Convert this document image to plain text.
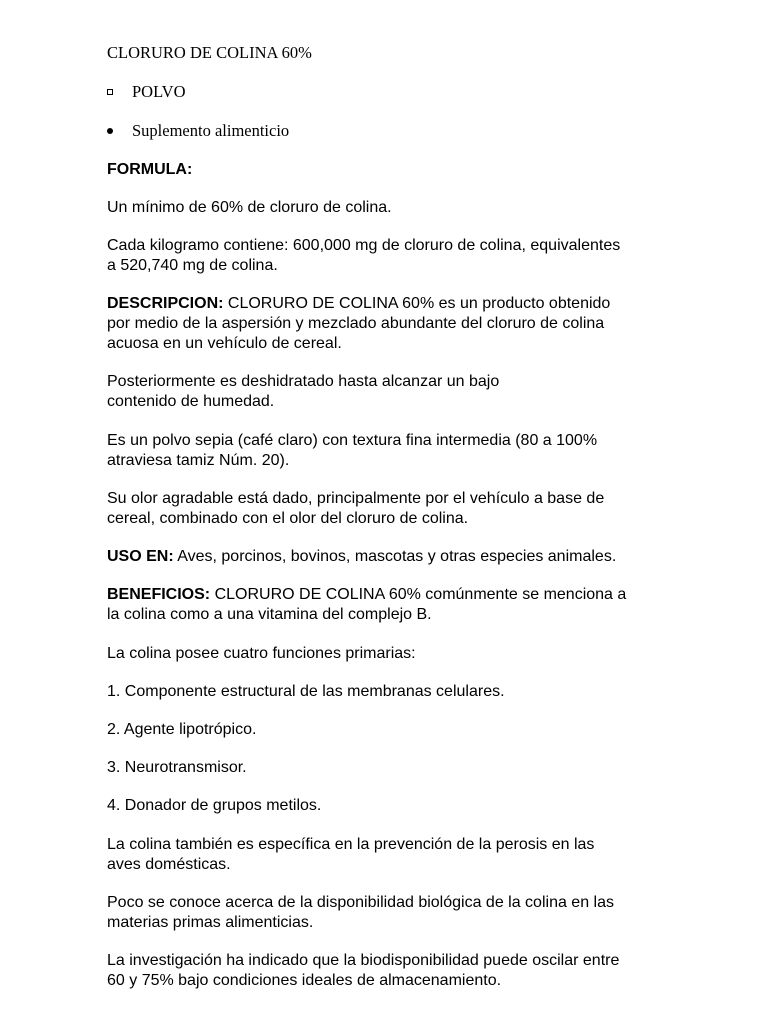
CLORURO DE COLINA 60%
POLVO
Suplemento alimenticio
FORMULA:
Un mínimo de 60% de cloruro de colina.

Cada kilogramo contiene: 600,000 mg de cloruro de colina, equivalentes

a 520,740 mg de colina.

DESCRIPCION: CLORURO DE COLINA 60% es un producto obtenido

por medio de la aspersión y mezclado abundante del cloruro de colina

acuosa en un vehículo de cereal.

Posteriormente es deshidratado hasta alcanzar un bajo

contenido de humedad.

Es un polvo sepia (café claro) con textura fina intermedia (80 a 100%

atraviesa tamiz Núm. 20).

Su olor agradable está dado, principalmente por el vehículo a base de

cereal, combinado con el olor del cloruro de colina.

USO EN: Aves, porcinos, bovinos, mascotas y otras especies animales.

BENEFICIOS: CLORURO DE COLINA 60% comúnmente se menciona a

la colina como a una vitamina del complejo B.

La colina posee cuatro funciones primarias:
1. Componente estructural de las membranas celulares.
2. Agente lipotrópico.
3. Neurotransmisor.
4. Donador de grupos metilos.

La colina también es específica en la prevención de la perosis en las

aves domésticas.

Poco se conoce acerca de la disponibilidad biológica de la colina en las

materias primas alimenticias.

La investigación ha indicado que la biodisponibilidad puede oscilar entre

60 y 75% bajo condiciones ideales de almacenamiento.
